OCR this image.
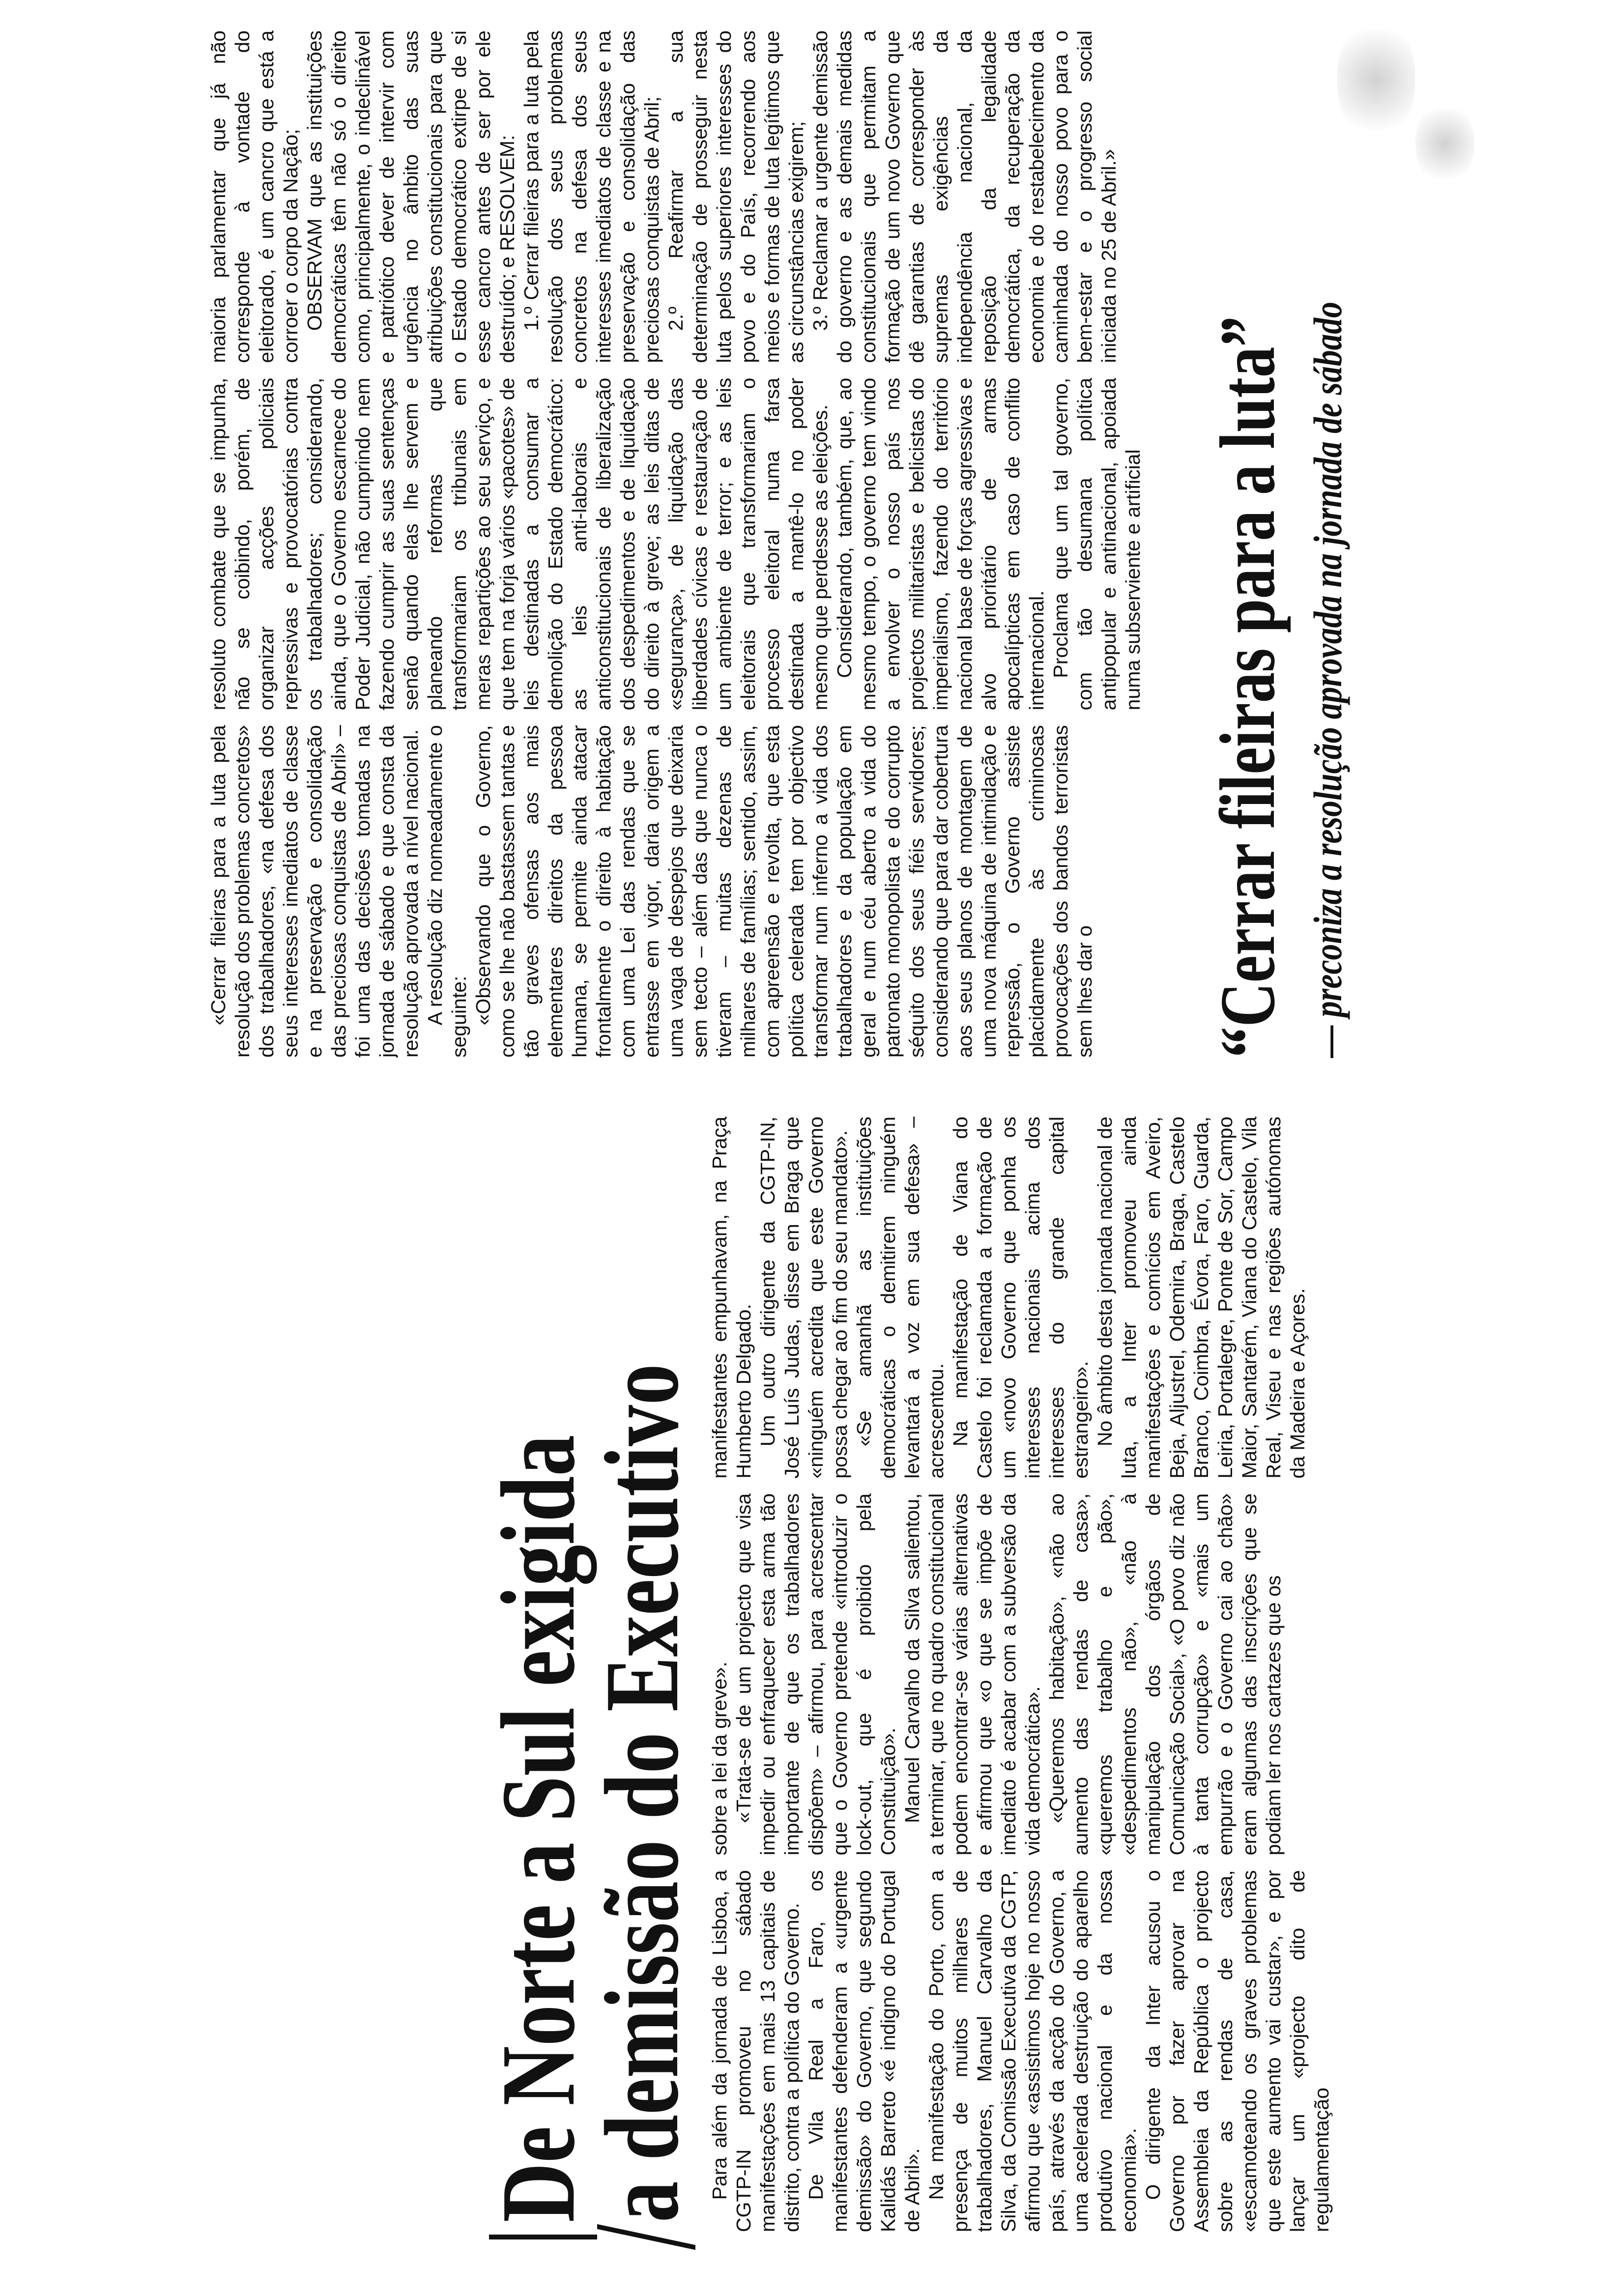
De Norte a Sul exigida
a demissão do Executivo Para além da jornada de Lisboa, a CGTP-IN promoveu no sábado manifestações em mais 13 capitais de distrito, contra a política do Governo. De Vila Real a Faro, os manifestantes defenderam a «urgente demissão» do Governo, que segundo Kalidás Barreto «é indigno do Portugal de Abril». Na manifestação do Porto, com a presença de muitos milhares de trabalhadores, Manuel Carvalho da Silva, da Comissão Executiva da CGTP, afirmou que «assistimos hoje no nosso país, através da acção do Governo, a uma acelerada destruição do aparelho produtivo nacional e da nossa economia». O dirigente da Inter acusou o Governo por fazer aprovar na Assembleia da República o projecto sobre as rendas de casa, «escamoteando os graves problemas que este aumento vai custar», e por lançar um «projecto dito de regulamentação

sobre a lei da greve». «Trata-se de um projecto que visa impedir ou enfraquecer esta arma tão importante de que os trabalhadores dispõem» – afirmou, para acrescentar que o Governo pretende «introduzir o lock-out, que é proibido pela Constituição». Manuel Carvalho da Silva salientou, a terminar, que no quadro constitucional podem encontrar-se várias alternativas e afirmou que «o que se impõe de imediato é acabar com a subversão da vida democrática». «Queremos habitação», «não ao aumento das rendas de casa», «queremos trabalho e pão», «despedimentos não», «não à manipulação dos órgãos de Comunicação Social», «O povo diz não à tanta corrupção» e «mais um empurrão e o Governo cai ao chão» eram algumas das inscrições que se podiam ler nos cartazes que os

manifestantes empunhavam, na Praça Humberto Delgado. Um outro dirigente da CGTP-IN, José Luís Judas, disse em Braga que «ninguém acredita que este Governo possa chegar ao fim do seu mandato». «Se amanhã as instituições democráticas o demitirem ninguém levantará a voz em sua defesa» – acrescentou. Na manifestação de Viana do Castelo foi reclamada a formação de um «novo Governo que ponha os interesses nacionais acima dos interesses do grande capital estrangeiro». No âmbito desta jornada nacional de luta, a Inter promoveu ainda manifestações e comícios em Aveiro, Beja, Aljustrel, Odemira, Braga, Castelo Branco, Coimbra, Évora, Faro, Guarda, Leiria, Portalegre, Ponte de Sor, Campo Maior, Santarém, Viana do Castelo, Vila Real, Viseu e nas regiões autónomas da Madeira e Açores.

«Cerrar fileiras para a luta pela resolução dos problemas concretos» dos trabalhadores, «na defesa dos seus interesses imediatos de classe e na preservação e consolidação das preciosas conquistas de Abril» – foi uma das decisões tomadas na jornada de sábado e que consta da resolução aprovada a nível nacional. A resolução diz nomeadamente o seguinte: «Observando que o Governo, como se lhe não bastassem tantas e tão graves ofensas aos mais elementares direitos da pessoa humana, se permite ainda atacar frontalmente o direito à habitação com uma Lei das rendas que se entrasse em vigor, daria origem a uma vaga de despejos que deixaria sem tecto – além das que nunca o tiveram – muitas dezenas de milhares de famílias; sentido, assim, com apreensão e revolta, que esta política celerada tem por objectivo transformar num inferno a vida dos trabalhadores e da população em geral e num céu aberto a vida do patronato monopolista e do corrupto séquito dos seus fiéis servidores; considerando que para dar cobertura aos seus planos de montagem de uma nova máquina de intimidação e repressão, o Governo assiste placidamente às criminosas provocações dos bandos terroristas sem lhes dar o

resoluto combate que se impunha, não se coibindo, porém, de organizar acções policiais repressivas e provocatórias contra os trabalhadores; considerando, ainda, que o Governo escarnece do Poder Judicial, não cumprindo nem fazendo cumprir as suas sentenças senão quando elas lhe servem e planeando reformas que transformariam os tribunais em meras repartições ao seu serviço, e que tem na forja vários «pacotes» de leis destinadas a consumar a demolição do Estado democrático: as leis anti-laborais e anticonstitucionais de liberalização dos despedimentos e de liquidação do direito à greve; as leis ditas de «segurança», de liquidação das liberdades cívicas e restauração de um ambiente de terror; e as leis eleitorais que transformariam o processo eleitoral numa farsa destinada a mantê-lo no poder mesmo que perdesse as eleições. Considerando, também, que, ao mesmo tempo, o governo tem vindo a envolver o nosso país nos projectos militaristas e belicistas do imperialismo, fazendo do território nacional base de forças agressivas e alvo prioritário de armas apocalípticas em caso de conflito internacional. Proclama que um tal governo, com tão desumana política antipopular e antinacional, apoiada numa subserviente e artificial

maioria parlamentar que já não corresponde à vontade do eleitorado, é um cancro que está a corroer o corpo da Nação; OBSERVAM que as instituições democráticas têm não só o direito como, principalmente, o indeclinável e patriótico dever de intervir com urgência no âmbito das suas atribuições constitucionais para que o Estado democrático extirpe de si esse cancro antes de ser por ele destruído; e RESOLVEM: 1.º Cerrar fileiras para a luta pela resolução dos seus problemas concretos na defesa dos seus interesses imediatos de classe e na preservação e consolidação das preciosas conquistas de Abril; 2.º Reafirmar a sua determinação de prosseguir nesta luta pelos superiores interesses do povo e do País, recorrendo aos meios e formas de luta legítimos que as circunstâncias exigirem; 3.º Reclamar a urgente demissão do governo e as demais medidas constitucionais que permitam a formação de um novo Governo que dê garantias de corresponder às supremas exigências da independência nacional, da reposição da legalidade democrática, da recuperação da economia e do restabelecimento da caminhada do nosso povo para o bem-estar e o progresso social iniciada no 25 de Abril.»

“Cerrar fileiras para a luta” — preconiza a resolução aprovada na jornada de sábado
